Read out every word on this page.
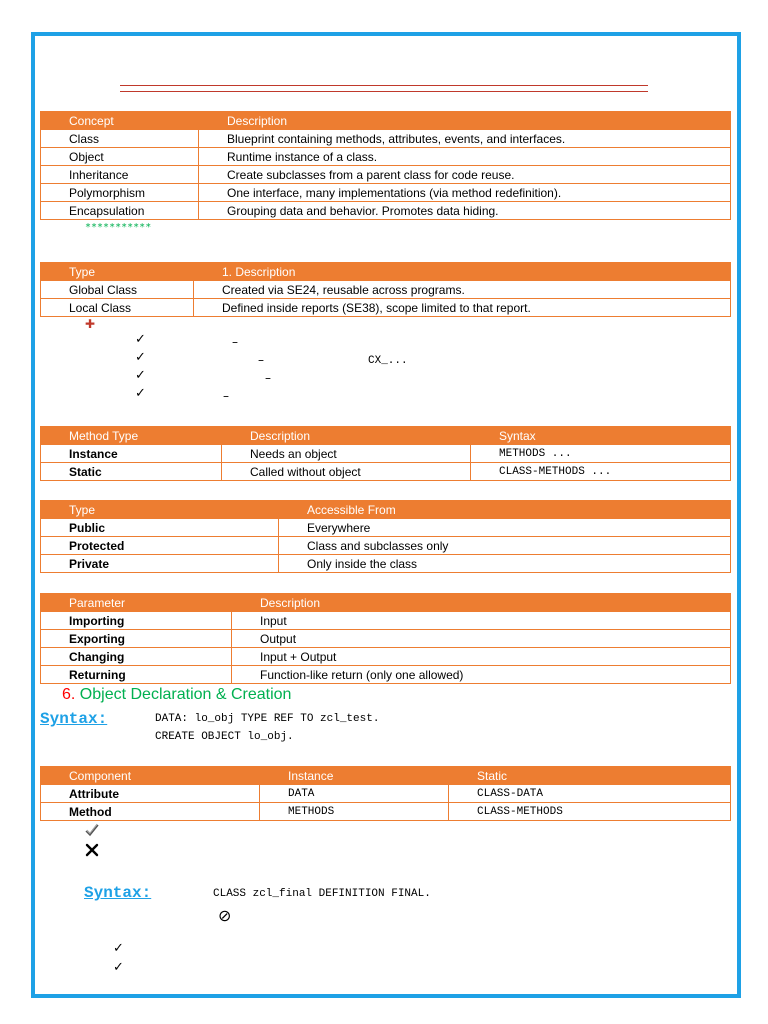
Concept	Description
Class	Blueprint containing methods, attributes, events, and interfaces.
Object	Runtime instance of a class.
Inheritance	Create subclasses from a parent class for code reuse.
Polymorphism	One interface, many implementations (via method redefinition).
Encapsulation	Grouping data and behavior. Promotes data hiding.
***********
Type	1. Description
Global Class	Created via SE24, reusable across programs.
Local Class	Defined inside reports (SE38), scope limited to that report.
✚
✓	–
✓	–	CX_...
✓	–
✓	–
Method Type	Description	Syntax
Instance	Needs an object	METHODS ...
Static	Called without object	CLASS-METHODS ...
Type	Accessible From
Public	Everywhere
Protected	Class and subclasses only
Private	Only inside the class
Parameter	Description
Importing	Input
Exporting	Output
Changing	Input + Output
Returning	Function-like return (only one allowed)
6. Object Declaration & Creation
Syntax:	DATA: lo_obj TYPE REF TO zcl_test.
CREATE OBJECT lo_obj.
Component	Instance	Static
Attribute	DATA	CLASS-DATA
Method	METHODS	CLASS-METHODS
Syntax:	CLASS zcl_final DEFINITION FINAL.
⊘
✓
✓
